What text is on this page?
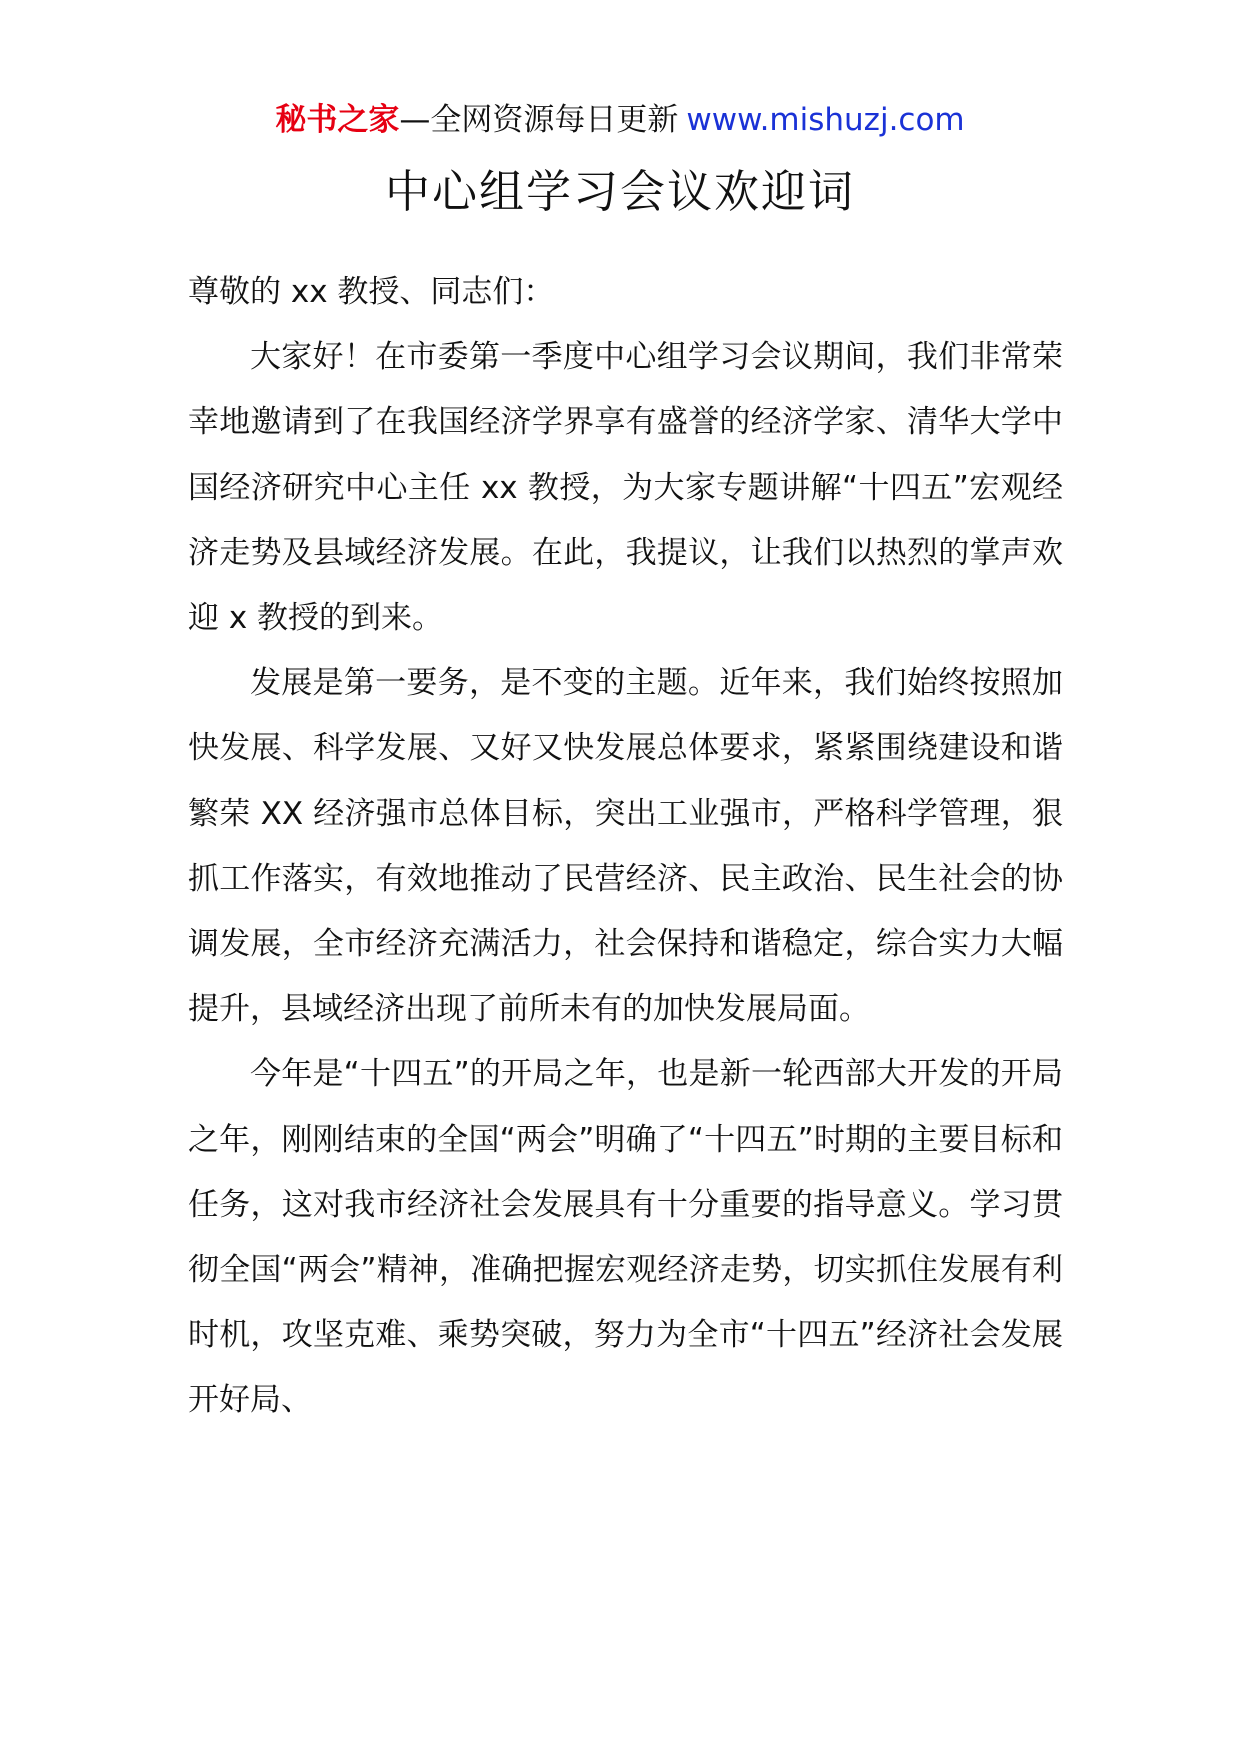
秘书之家—全网资源每日更新 www.mishuzj.com
中心组学习会议欢迎词

尊敬的 xx 教授、同志们：

大家好！在市委第一季度中心组学习会议期间，我们非常荣幸地邀请到了在我国经济学界享有盛誉的经济学家、清华大学中国经济研究中心主任 xx 教授，为大家专题讲解“十四五”宏观经济走势及县域经济发展。在此，我提议，让我们以热烈的掌声欢迎 x 教授的到来。

发展是第一要务，是不变的主题。近年来，我们始终按照加快发展、科学发展、又好又快发展总体要求，紧紧围绕建设和谐繁荣 XX 经济强市总体目标，突出工业强市，严格科学管理，狠抓工作落实，有效地推动了民营经济、民主政治、民生社会的协调发展，全市经济充满活力，社会保持和谐稳定，综合实力大幅提升，县域经济出现了前所未有的加快发展局面。

今年是“十四五”的开局之年，也是新一轮西部大开发的开局之年，刚刚结束的全国“两会”明确了“十四五”时期的主要目标和任务，这对我市经济社会发展具有十分重要的指导意义。学习贯彻全国“两会”精神，准确把握宏观经济走势，切实抓住发展有利时机，攻坚克难、乘势突破，努力为全市“十四五”经济社会发展开好局、
